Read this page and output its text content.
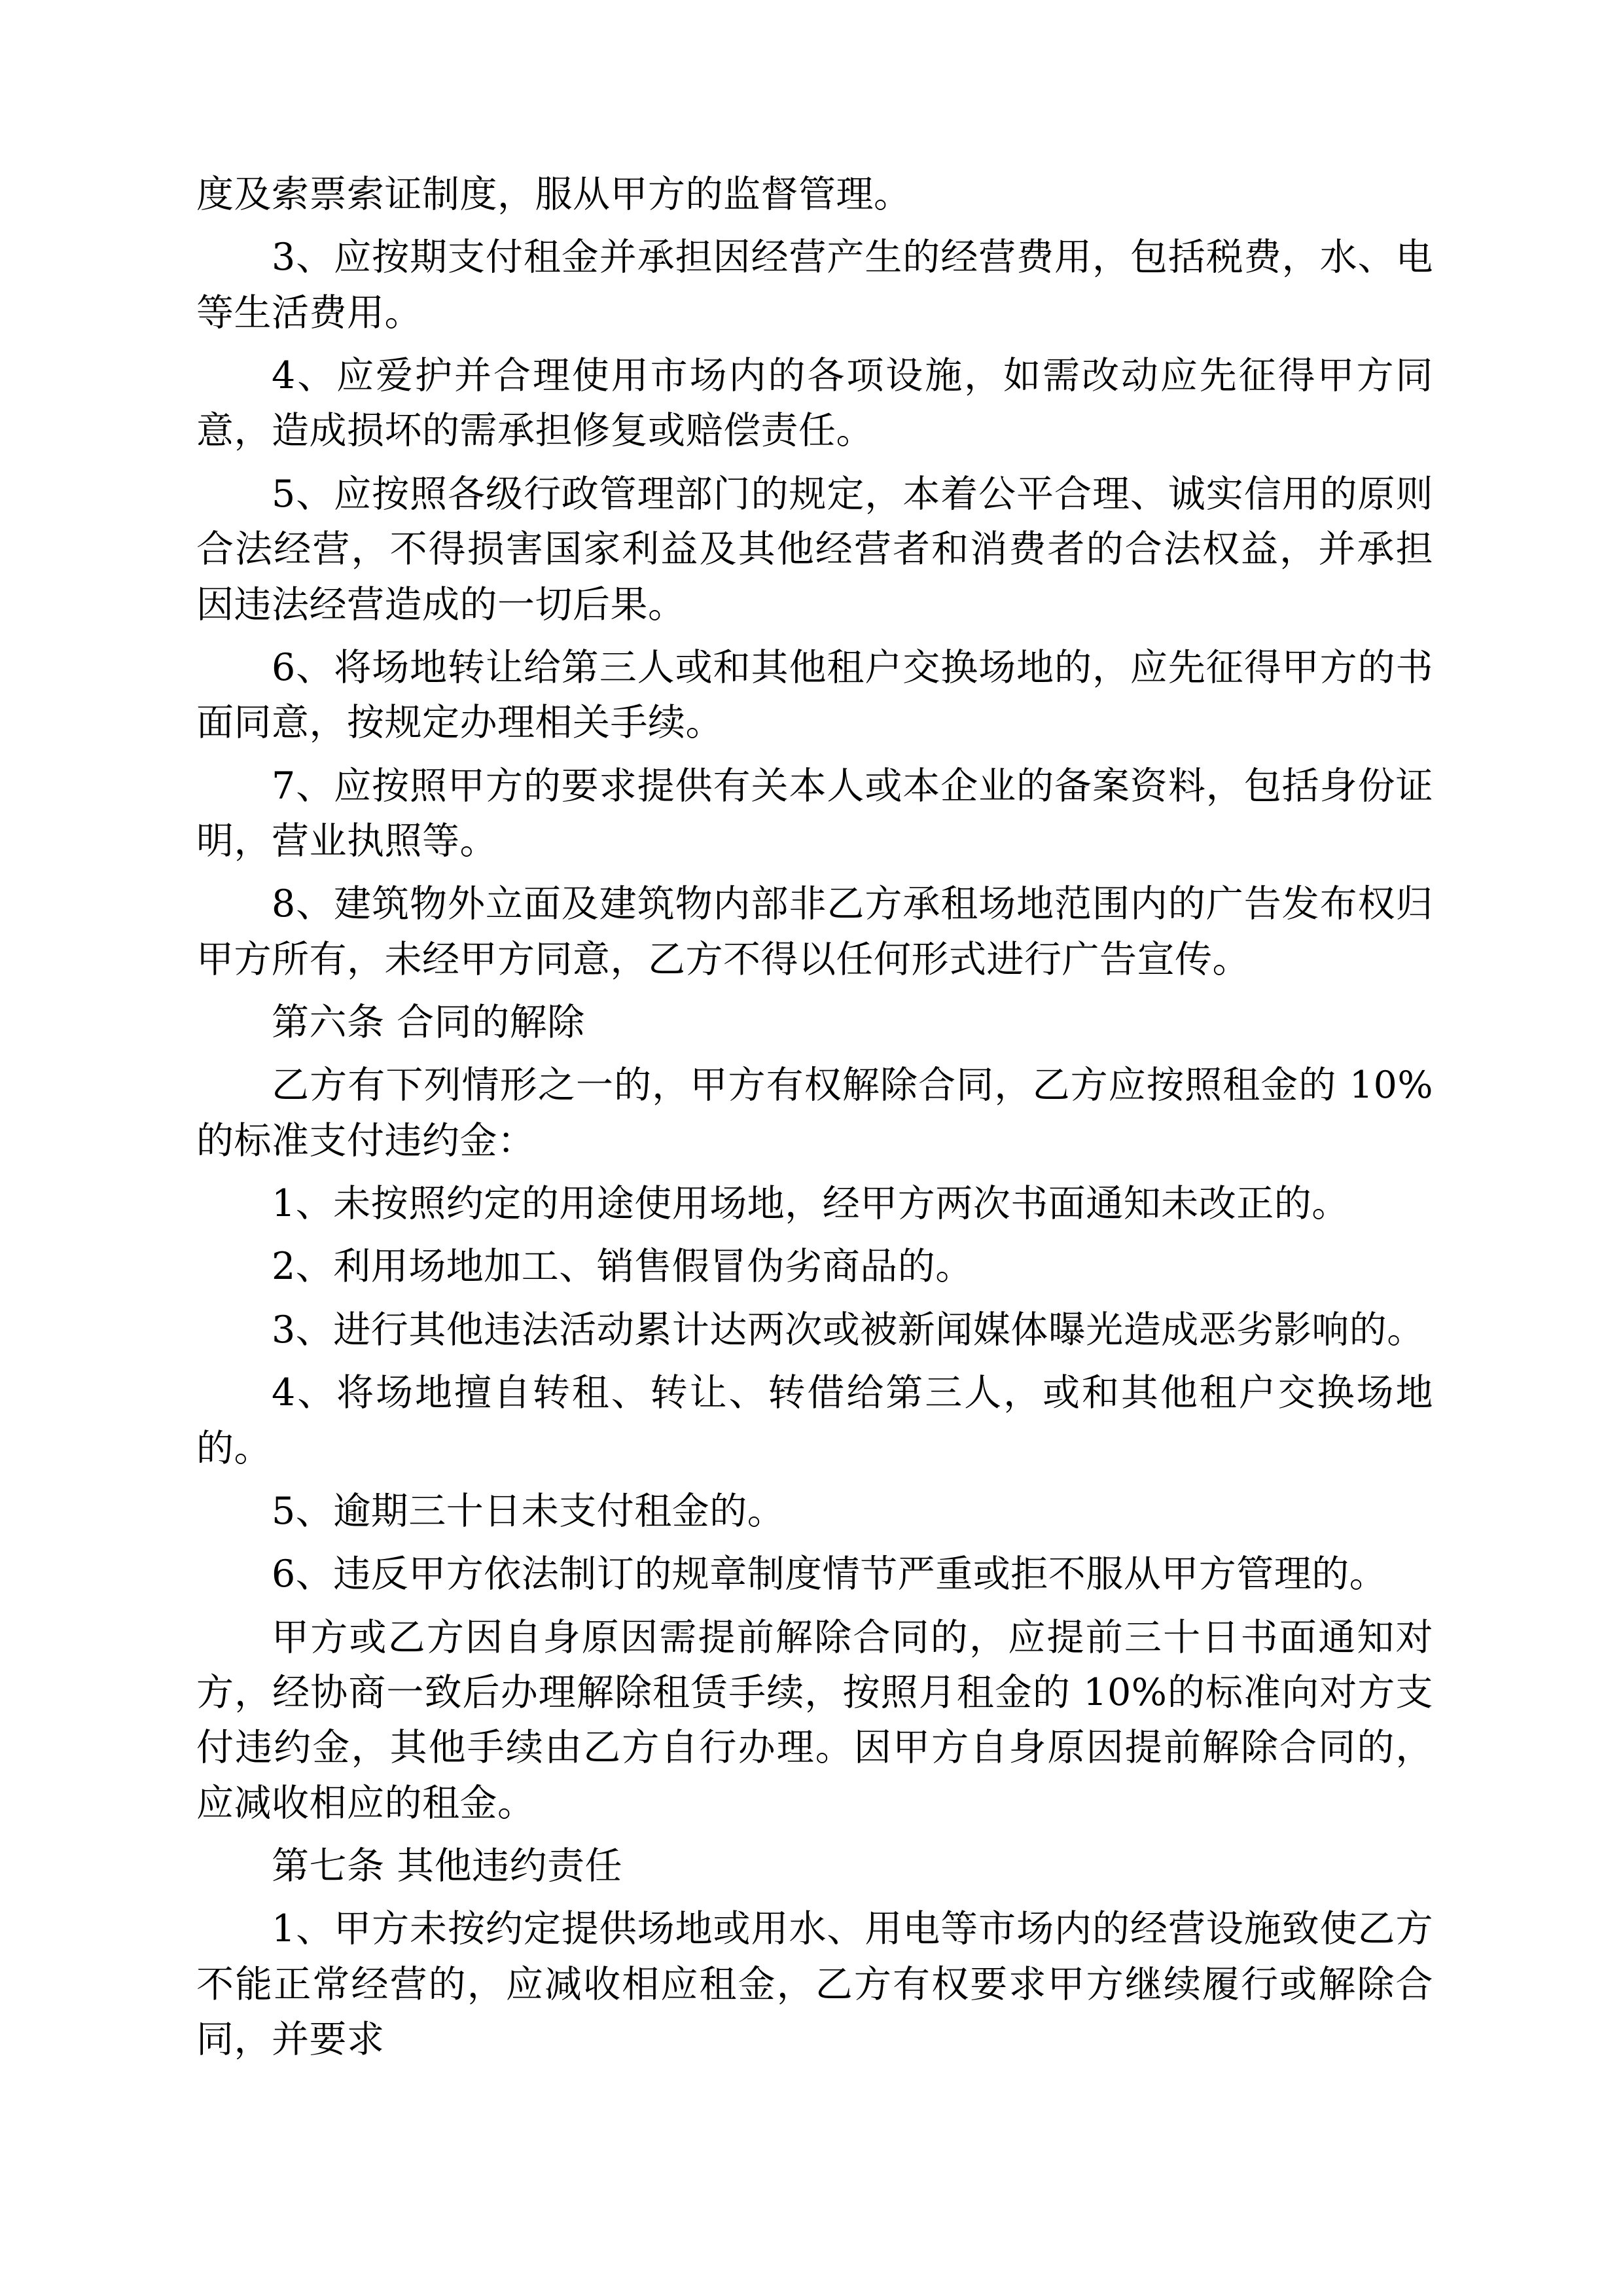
度及索票索证制度，服从甲方的监督管理。

3、应按期支付租金并承担因经营产生的经营费用，包括税费，水、电等生活费用。

4、应爱护并合理使用市场内的各项设施，如需改动应先征得甲方同意，造成损坏的需承担修复或赔偿责任。

5、应按照各级行政管理部门的规定，本着公平合理、诚实信用的原则合法经营，不得损害国家利益及其他经营者和消费者的合法权益，并承担因违法经营造成的一切后果。

6、将场地转让给第三人或和其他租户交换场地的，应先征得甲方的书面同意，按规定办理相关手续。

7、应按照甲方的要求提供有关本人或本企业的备案资料，包括身份证明，营业执照等。

8、建筑物外立面及建筑物内部非乙方承租场地范围内的广告发布权归甲方所有，未经甲方同意，乙方不得以任何形式进行广告宣传。

第六条 合同的解除

乙方有下列情形之一的，甲方有权解除合同，乙方应按照租金的 10%的标准支付违约金：

1、未按照约定的用途使用场地，经甲方两次书面通知未改正的。

2、利用场地加工、销售假冒伪劣商品的。

3、进行其他违法活动累计达两次或被新闻媒体曝光造成恶劣影响的。

4、将场地擅自转租、转让、转借给第三人，或和其他租户交换场地的。

5、逾期三十日未支付租金的。

6、违反甲方依法制订的规章制度情节严重或拒不服从甲方管理的。

甲方或乙方因自身原因需提前解除合同的，应提前三十日书面通知对方，经协商一致后办理解除租赁手续，按照月租金的 10%的标准向对方支付违约金，其他手续由乙方自行办理。因甲方自身原因提前解除合同的，应减收相应的租金。

第七条 其他违约责任

1、甲方未按约定提供场地或用水、用电等市场内的经营设施致使乙方不能正常经营的，应减收相应租金，乙方有权要求甲方继续履行或解除合同，并要求
